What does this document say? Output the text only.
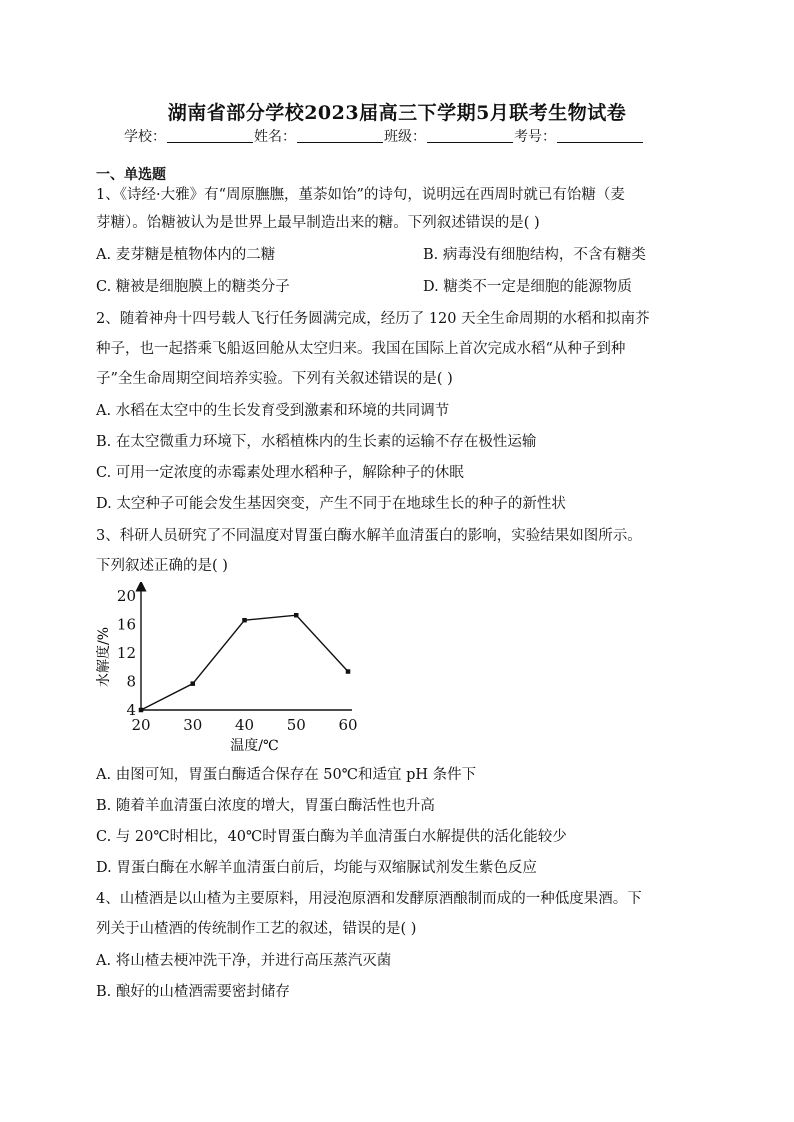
湖南省部分学校2023届高三下学期5月联考生物试卷
学校：	姓名：	班级：	考号：
一、单选题
1、《诗经·大雅》有“周原膴膴，堇荼如饴”的诗句，说明远在西周时就已有饴糖（麦
芽糖）。饴糖被认为是世界上最早制造出来的糖。下列叙述错误的是( )
A. 麦芽糖是植物体内的二糖	B. 病毒没有细胞结构，不含有糖类
C. 糖被是细胞膜上的糖类分子	D. 糖类不一定是细胞的能源物质
2、随着神舟十四号载人飞行任务圆满完成，经历了 120 天全生命周期的水稻和拟南芥
种子，也一起搭乘飞船返回舱从太空归来。我国在国际上首次完成水稻“从种子到种
子”全生命周期空间培养实验。下列有关叙述错误的是( )
A. 水稻在太空中的生长发育受到激素和环境的共同调节
B. 在太空微重力环境下，水稻植株内的生长素的运输不存在极性运输
C. 可用一定浓度的赤霉素处理水稻种子，解除种子的休眠
D. 太空种子可能会发生基因突变，产生不同于在地球生长的种子的新性状
3、科研人员研究了不同温度对胃蛋白酶水解羊血清蛋白的影响，实验结果如图所示。
下列叙述正确的是( )
20 30 40 50 60
4
8
12
16
20
温度/℃
水解度/%
A. 由图可知，胃蛋白酶适合保存在 50℃和适宜 pH 条件下
B. 随着羊血清蛋白浓度的增大，胃蛋白酶活性也升高
C. 与 20℃时相比，40℃时胃蛋白酶为羊血清蛋白水解提供的活化能较少
D. 胃蛋白酶在水解羊血清蛋白前后，均能与双缩脲试剂发生紫色反应
4、山楂酒是以山楂为主要原料，用浸泡原酒和发酵原酒酿制而成的一种低度果酒。下
列关于山楂酒的传统制作工艺的叙述，错误的是( )
A. 将山楂去梗冲洗干净，并进行高压蒸汽灭菌
B. 酿好的山楂酒需要密封储存
